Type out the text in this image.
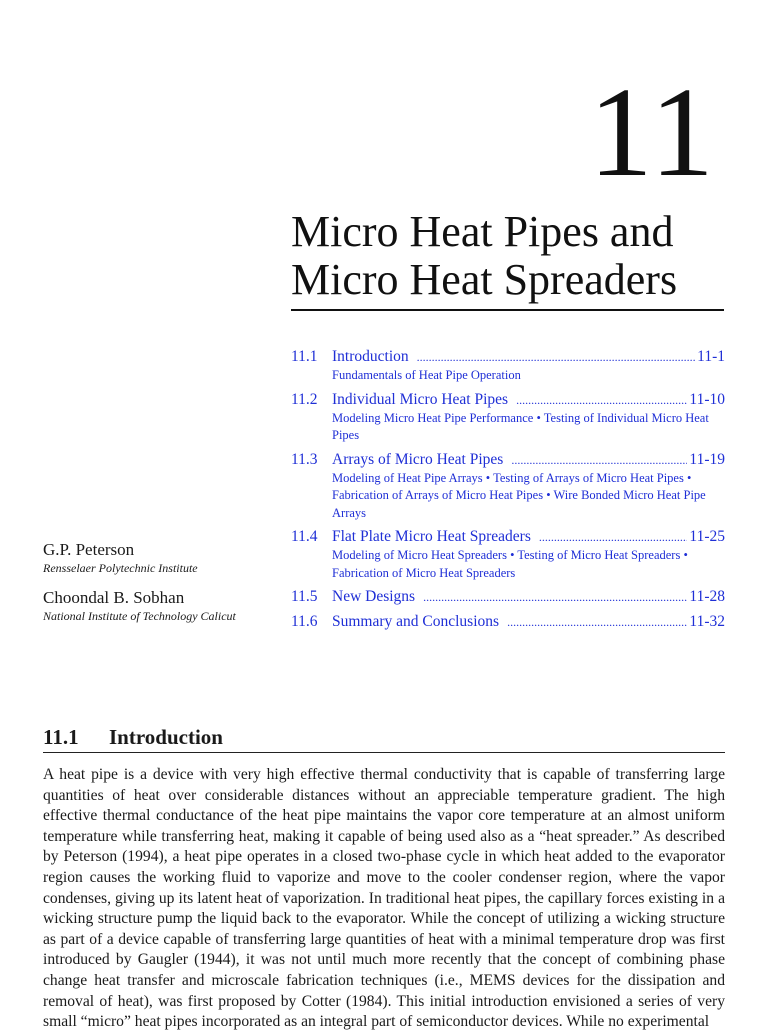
11
Micro Heat Pipes and
Micro Heat Spreaders
11.1 Introduction .....	11-1
Fundamentals of Heat Pipe Operation
11.2 Individual Micro Heat Pipes .....	11-10
Modeling Micro Heat Pipe Performance • Testing of Individual Micro Heat Pipes
11.3 Arrays of Micro Heat Pipes .....	11-19
Modeling of Heat Pipe Arrays • Testing of Arrays of Micro Heat Pipes • Fabrication of Arrays of Micro Heat Pipes • Wire Bonded Micro Heat Pipe Arrays
11.4 Flat Plate Micro Heat Spreaders .....	11-25
Modeling of Micro Heat Spreaders • Testing of Micro Heat Spreaders • Fabrication of Micro Heat Spreaders
11.5 New Designs .....	11-28
11.6 Summary and Conclusions .....	11-32
G.P. Peterson
Rensselaer Polytechnic Institute
Choondal B. Sobhan
National Institute of Technology Calicut
11.1 Introduction
A heat pipe is a device with very high effective thermal conductivity that is capable of transferring large quantities of heat over considerable distances without an appreciable temperature gradient. The high effective thermal conductance of the heat pipe maintains the vapor core temperature at an almost uniform temperature while transferring heat, making it capable of being used also as a “heat spreader.” As described by Peterson (1994), a heat pipe operates in a closed two-phase cycle in which heat added to the evaporator region causes the working fluid to vaporize and move to the cooler condenser region, where the vapor condenses, giving up its latent heat of vaporization. In traditional heat pipes, the capillary forces existing in a wicking structure pump the liquid back to the evaporator. While the concept of utilizing a wicking structure as part of a device capable of transferring large quantities of heat with a minimal temperature drop was first introduced by Gaugler (1944), it was not until much more recently that the concept of combining phase change heat transfer and microscale fabrication techniques (i.e., MEMS devices for the dissipation and removal of heat), was first proposed by Cotter (1984). This initial introduction envisioned a series of very small “micro” heat pipes incorporated as an integral part of semiconductor devices. While no experimental
